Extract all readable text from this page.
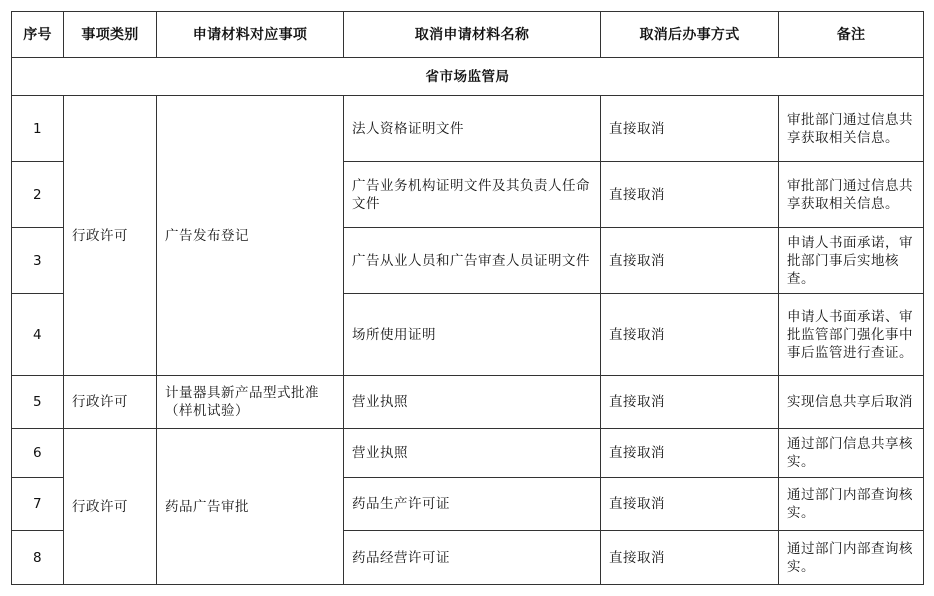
序号	事项类别	申请材料对应事项	取消申请材料名称	取消后办事方式	备注
省市场监管局					
1	行政许可	广告发布登记	法人资格证明文件	直接取消	审批部门通过信息共享获取相关信息。
2			广告业务机构证明文件及其负责人任命文件	直接取消	审批部门通过信息共享获取相关信息。
3			广告从业人员和广告审查人员证明文件	直接取消	申请人书面承诺，审批部门事后实地核查。
4			场所使用证明	直接取消	申请人书面承诺、审批监管部门强化事中事后监管进行查证。
5	行政许可	计量器具新产品型式批准（样机试验）	营业执照	直接取消	实现信息共享后取消
6	行政许可	药品广告审批	营业执照	直接取消	通过部门信息共享核实。
7			药品生产许可证	直接取消	通过部门内部查询核实。
8			药品经营许可证	直接取消	通过部门内部查询核实。
